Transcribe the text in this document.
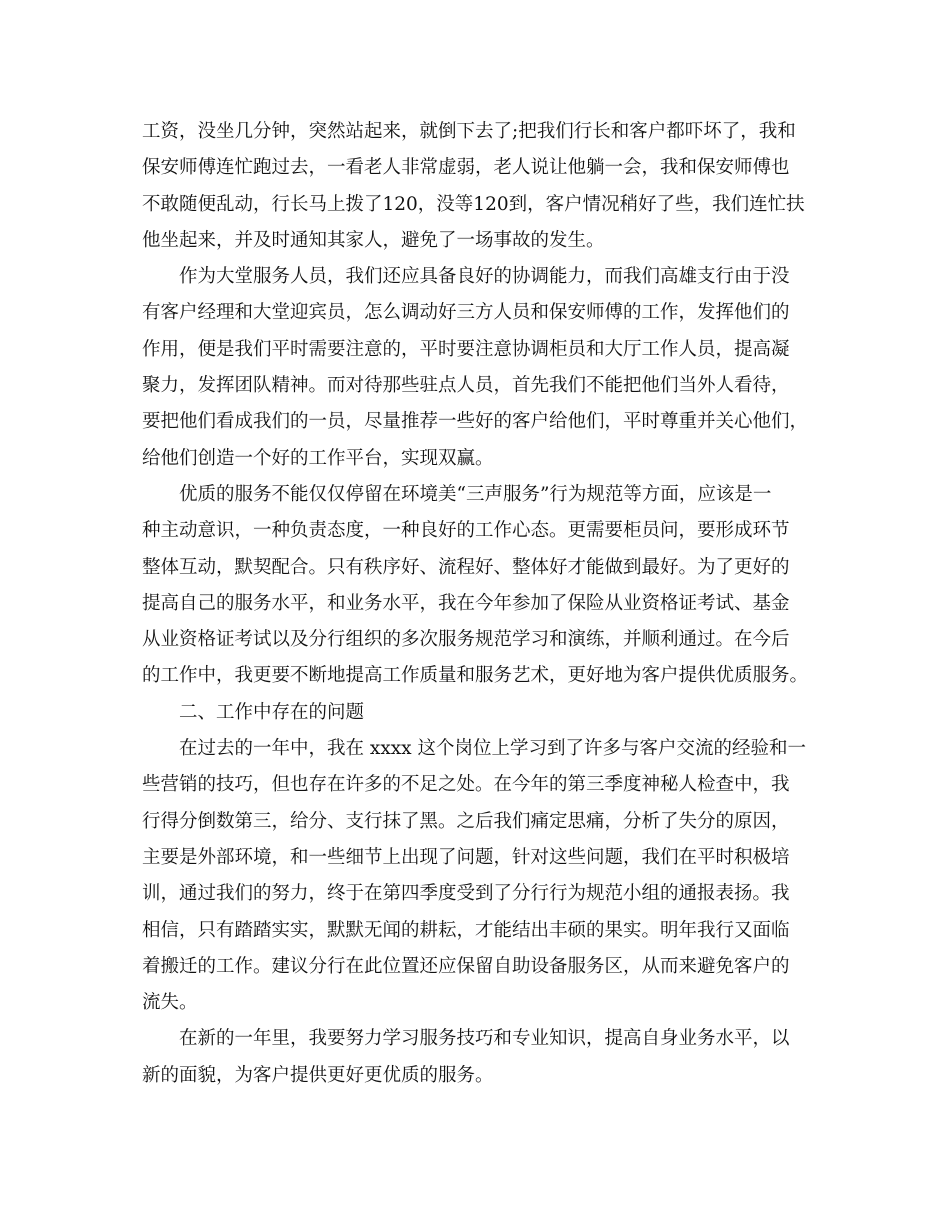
工资，没坐几分钟，突然站起来，就倒下去了;把我们行长和客户都吓坏了，我和
保安师傅连忙跑过去，一看老人非常虚弱，老人说让他躺一会，我和保安师傅也
不敢随便乱动，行长马上拨了120，没等120到，客户情况稍好了些，我们连忙扶
他坐起来，并及时通知其家人，避免了一场事故的发生。
作为大堂服务人员，我们还应具备良好的协调能力，而我们高雄支行由于没
有客户经理和大堂迎宾员，怎么调动好三方人员和保安师傅的工作，发挥他们的
作用，便是我们平时需要注意的，平时要注意协调柜员和大厅工作人员，提高凝
聚力，发挥团队精神。而对待那些驻点人员，首先我们不能把他们当外人看待，
要把他们看成我们的一员，尽量推荐一些好的客户给他们，平时尊重并关心他们，
给他们创造一个好的工作平台，实现双赢。
优质的服务不能仅仅停留在环境美“三声服务”行为规范等方面，应该是一
种主动意识，一种负责态度，一种良好的工作心态。更需要柜员问，要形成环节
整体互动，默契配合。只有秩序好、流程好、整体好才能做到最好。为了更好的
提高自己的服务水平，和业务水平，我在今年参加了保险从业资格证考试、基金
从业资格证考试以及分行组织的多次服务规范学习和演练，并顺利通过。在今后
的工作中，我更要不断地提高工作质量和服务艺术，更好地为客户提供优质服务。
二、工作中存在的问题
在过去的一年中，我在 xxxx 这个岗位上学习到了许多与客户交流的经验和一
些营销的技巧，但也存在许多的不足之处。在今年的第三季度神秘人检查中，我
行得分倒数第三，给分、支行抹了黑。之后我们痛定思痛，分析了失分的原因，
主要是外部环境，和一些细节上出现了问题，针对这些问题，我们在平时积极培
训，通过我们的努力，终于在第四季度受到了分行行为规范小组的通报表扬。我
相信，只有踏踏实实，默默无闻的耕耘，才能结出丰硕的果实。明年我行又面临
着搬迁的工作。建议分行在此位置还应保留自助设备服务区，从而来避免客户的
流失。
在新的一年里，我要努力学习服务技巧和专业知识，提高自身业务水平，以
新的面貌，为客户提供更好更优质的服务。
